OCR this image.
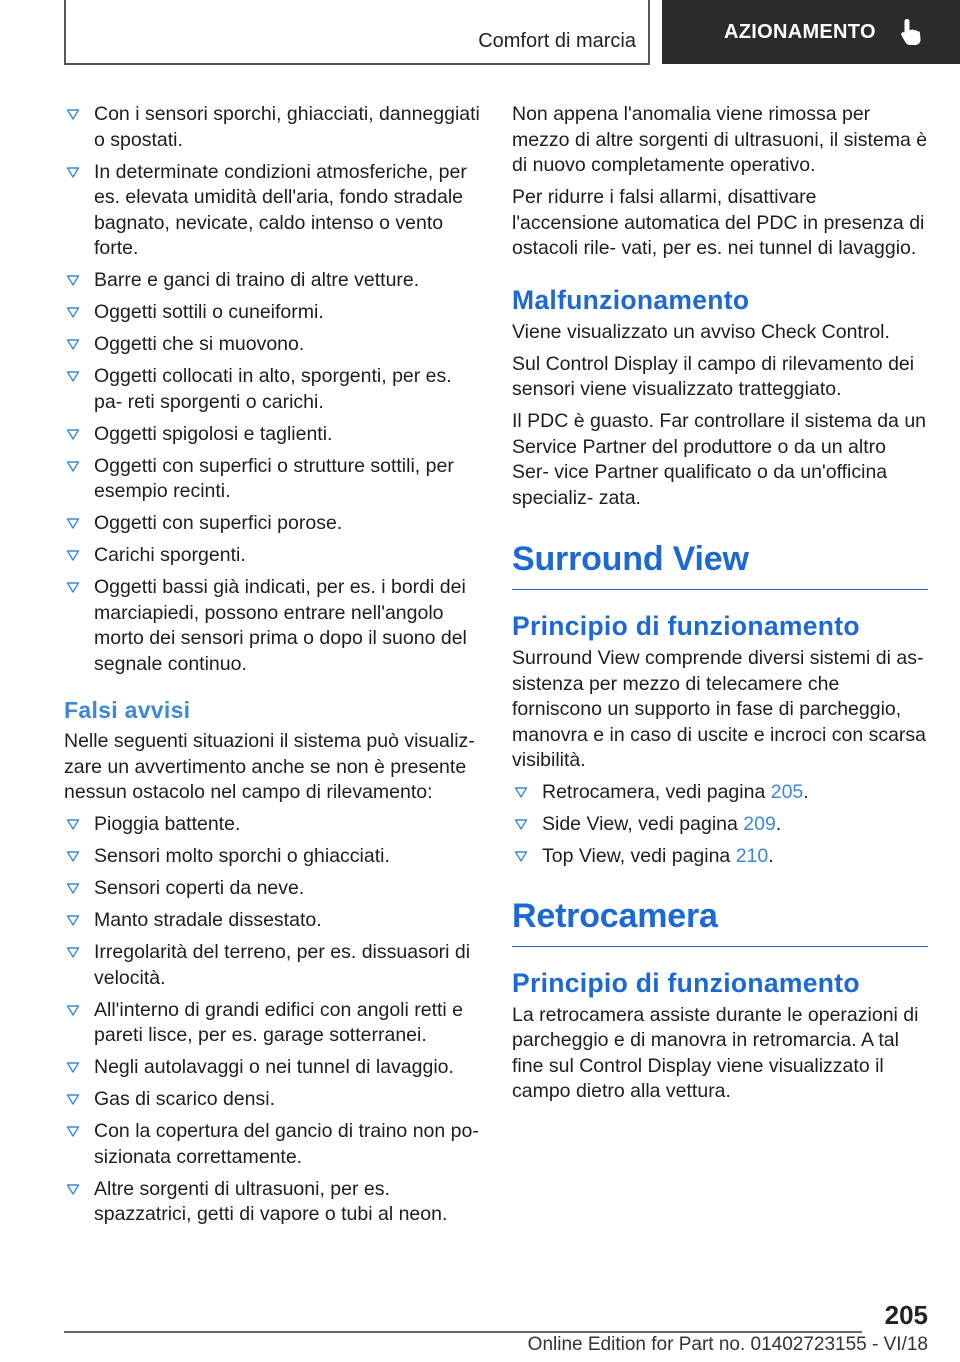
Comfort di marcia	AZIONAMENTO
Con i sensori sporchi, ghiacciati, danneggiati o spostati.
In determinate condizioni atmosferiche, per es. elevata umidità dell'aria, fondo stradale bagnato, nevicate, caldo intenso o vento forte.
Barre e ganci di traino di altre vetture.
Oggetti sottili o cuneiformi.
Oggetti che si muovono.
Oggetti collocati in alto, sporgenti, per es. pa‐ reti sporgenti o carichi.
Oggetti spigolosi e taglienti.
Oggetti con superfici o strutture sottili, per esempio recinti.
Oggetti con superfici porose.
Carichi sporgenti.
Oggetti bassi già indicati, per es. i bordi dei marciapiedi, possono entrare nell'angolo morto dei sensori prima o dopo il suono del segnale continuo.
Falsi avvisi

Nelle seguenti situazioni il sistema può visualiz‐ zare un avvertimento anche se non è presente nessun ostacolo nel campo di rilevamento:

Pioggia battente.
Sensori molto sporchi o ghiacciati.
Sensori coperti da neve.
Manto stradale dissestato.
Irregolarità del terreno, per es. dissuasori di velocità.
All'interno di grandi edifici con angoli retti e pareti lisce, per es. garage sotterranei.
Negli autolavaggi o nei tunnel di lavaggio.
Gas di scarico densi.
Con la copertura del gancio di traino non po‐ sizionata correttamente.
Altre sorgenti di ultrasuoni, per es. spazzatrici, getti di vapore o tubi al neon.

Non appena l'anomalia viene rimossa per mezzo di altre sorgenti di ultrasuoni, il sistema è di nuovo completamente operativo.

Per ridurre i falsi allarmi, disattivare l'accensione automatica del PDC in presenza di ostacoli rile‐ vati, per es. nei tunnel di lavaggio.

Malfunzionamento

Viene visualizzato un avviso Check Control.

Sul Control Display il campo di rilevamento dei sensori viene visualizzato tratteggiato.

Il PDC è guasto. Far controllare il sistema da un Service Partner del produttore o da un altro Ser‐ vice Partner qualificato o da un'officina specializ‐ zata.

Surround View
Principio di funzionamento

Surround View comprende diversi sistemi di as‐ sistenza per mezzo di telecamere che forniscono un supporto in fase di parcheggio, manovra e in caso di uscite e incroci con scarsa visibilità.

Retrocamera, vedi pagina 205.
Side View, vedi pagina 209.
Top View, vedi pagina 210.
Retrocamera
Principio di funzionamento

La retrocamera assiste durante le operazioni di parcheggio e di manovra in retromarcia. A tal fine sul Control Display viene visualizzato il campo dietro alla vettura.

205
Online Edition for Part no. 01402723155 - VI/18
